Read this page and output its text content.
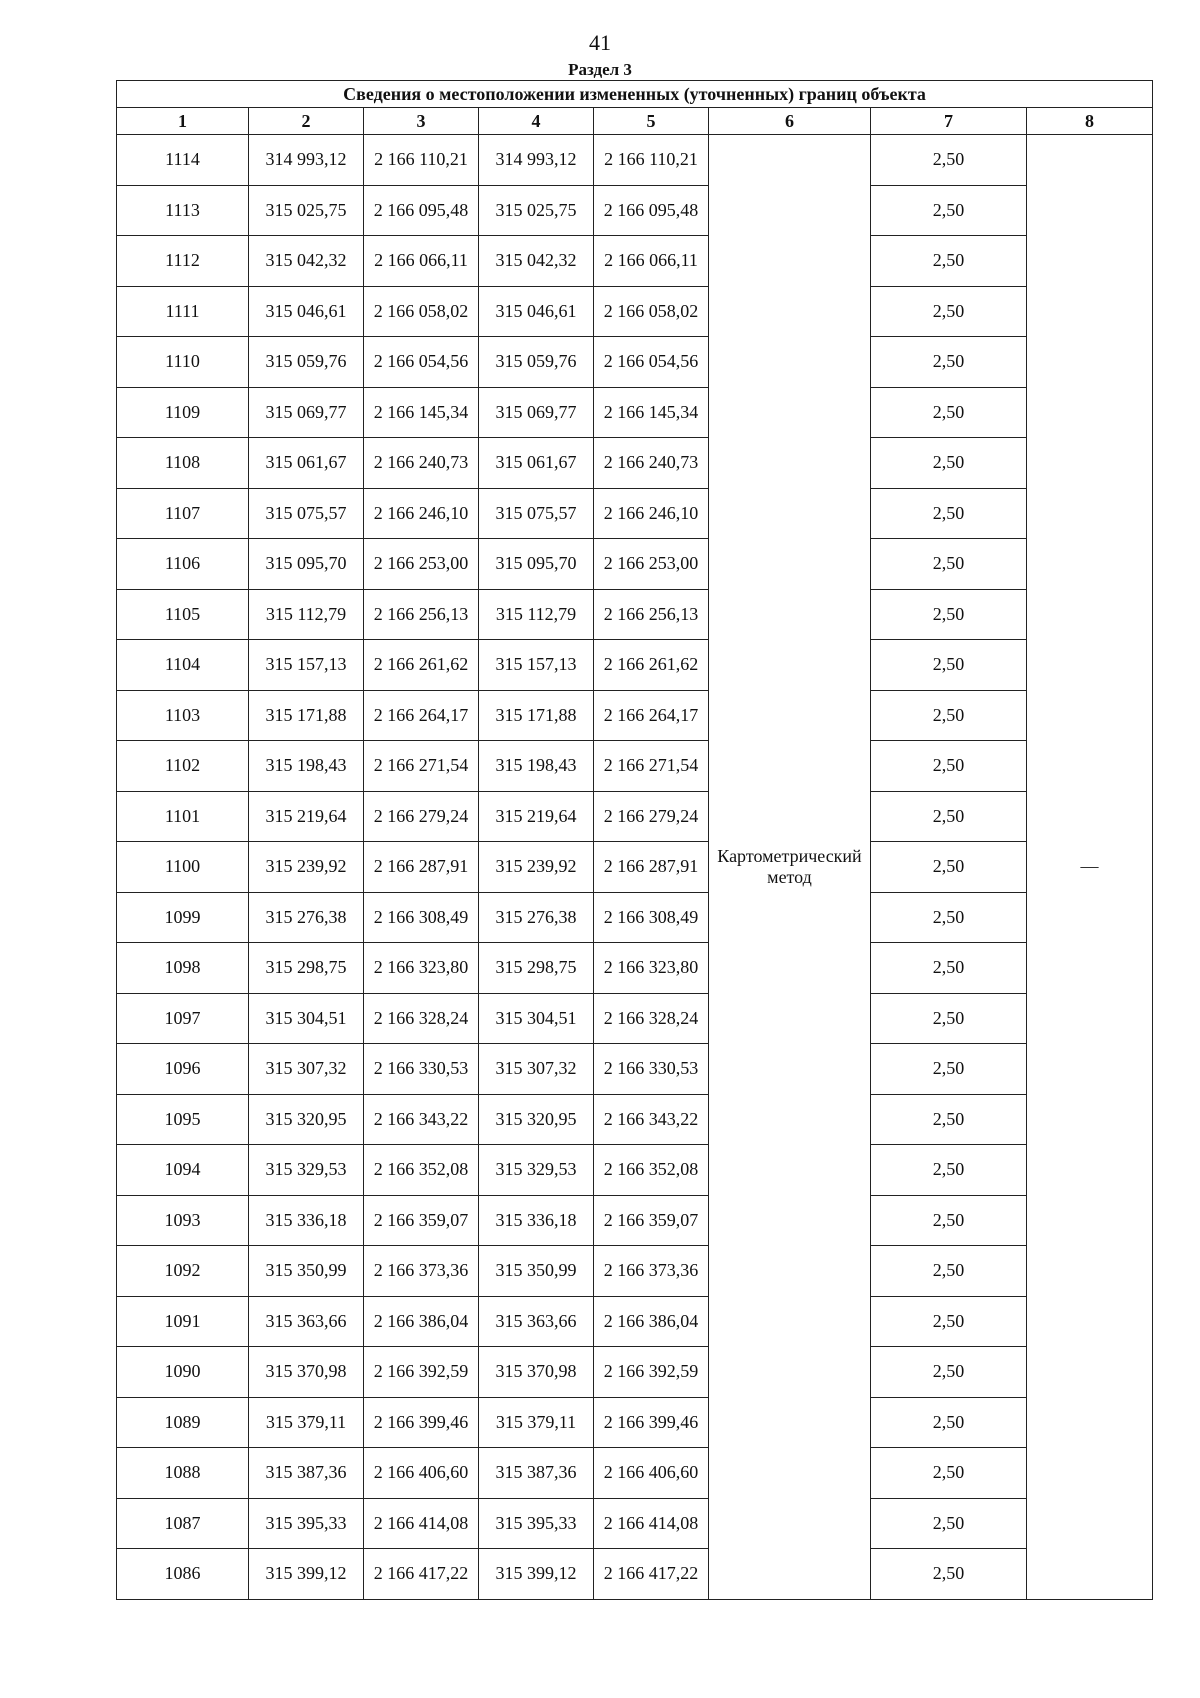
41
Раздел 3
Сведения о местоположении измененных (уточненных) границ объекта							
1	2	3	4	5	6	7	8
1114	314 993,12	2 166 110,21	314 993,12	2 166 110,21	Картометрический метод	2,50	—
1113	315 025,75	2 166 095,48	315 025,75	2 166 095,48		2,50	
1112	315 042,32	2 166 066,11	315 042,32	2 166 066,11		2,50	
1111	315 046,61	2 166 058,02	315 046,61	2 166 058,02		2,50	
1110	315 059,76	2 166 054,56	315 059,76	2 166 054,56		2,50	
1109	315 069,77	2 166 145,34	315 069,77	2 166 145,34		2,50	
1108	315 061,67	2 166 240,73	315 061,67	2 166 240,73		2,50	
1107	315 075,57	2 166 246,10	315 075,57	2 166 246,10		2,50	
1106	315 095,70	2 166 253,00	315 095,70	2 166 253,00		2,50	
1105	315 112,79	2 166 256,13	315 112,79	2 166 256,13		2,50	
1104	315 157,13	2 166 261,62	315 157,13	2 166 261,62		2,50	
1103	315 171,88	2 166 264,17	315 171,88	2 166 264,17		2,50	
1102	315 198,43	2 166 271,54	315 198,43	2 166 271,54		2,50	
1101	315 219,64	2 166 279,24	315 219,64	2 166 279,24		2,50	
1100	315 239,92	2 166 287,91	315 239,92	2 166 287,91		2,50	
1099	315 276,38	2 166 308,49	315 276,38	2 166 308,49		2,50	
1098	315 298,75	2 166 323,80	315 298,75	2 166 323,80		2,50	
1097	315 304,51	2 166 328,24	315 304,51	2 166 328,24		2,50	
1096	315 307,32	2 166 330,53	315 307,32	2 166 330,53		2,50	
1095	315 320,95	2 166 343,22	315 320,95	2 166 343,22		2,50	
1094	315 329,53	2 166 352,08	315 329,53	2 166 352,08		2,50	
1093	315 336,18	2 166 359,07	315 336,18	2 166 359,07		2,50	
1092	315 350,99	2 166 373,36	315 350,99	2 166 373,36		2,50	
1091	315 363,66	2 166 386,04	315 363,66	2 166 386,04		2,50	
1090	315 370,98	2 166 392,59	315 370,98	2 166 392,59		2,50	
1089	315 379,11	2 166 399,46	315 379,11	2 166 399,46		2,50	
1088	315 387,36	2 166 406,60	315 387,36	2 166 406,60		2,50	
1087	315 395,33	2 166 414,08	315 395,33	2 166 414,08		2,50	
1086	315 399,12	2 166 417,22	315 399,12	2 166 417,22		2,50	
